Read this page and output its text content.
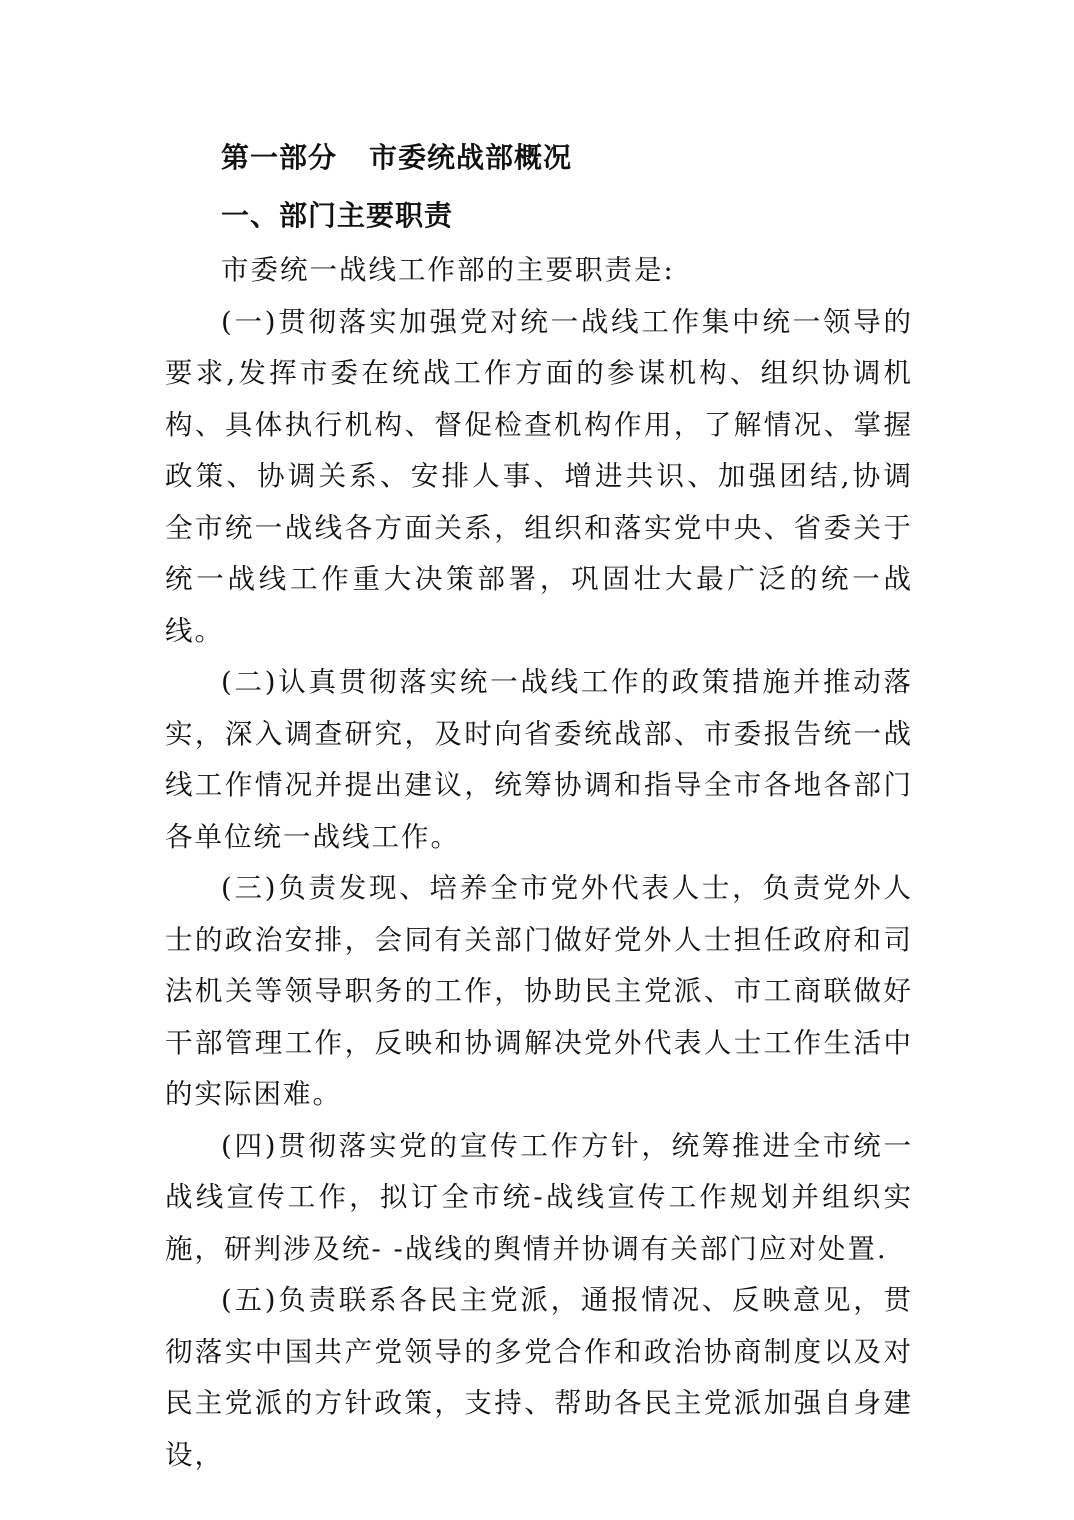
第一部分 市委统战部概况
一、部门主要职责

市委统一战线工作部的主要职责是:

(一)贯彻落实加强党对统一战线工作集中统一领导的要求,发挥市委在统战工作方面的参谋机构、组织协调机构、具体执行机构、督促检查机构作用，了解情况、掌握政策、协调关系、安排人事、增进共识、加强团结,协调全市统一战线各方面关系，组织和落实党中央、省委关于统一战线工作重大决策部署，巩固壮大最广泛的统一战线。

(二)认真贯彻落实统一战线工作的政策措施并推动落实，深入调查研究，及时向省委统战部、市委报告统一战线工作情况并提出建议，统筹协调和指导全市各地各部门各单位统一战线工作。

(三)负责发现、培养全市党外代表人士，负责党外人士的政治安排，会同有关部门做好党外人士担任政府和司法机关等领导职务的工作，协助民主党派、市工商联做好干部管理工作，反映和协调解决党外代表人士工作生活中的实际困难。

(四)贯彻落实党的宣传工作方针，统筹推进全市统一战线宣传工作，拟订全市统-战线宣传工作规划并组织实施，研判涉及统- -战线的舆情并协调有关部门应对处置.

(五)负责联系各民主党派，通报情况、反映意见，贯彻落实中国共产党领导的多党合作和政治协商制度以及对民主党派的方针政策，支持、帮助各民主党派加强自身建设，
